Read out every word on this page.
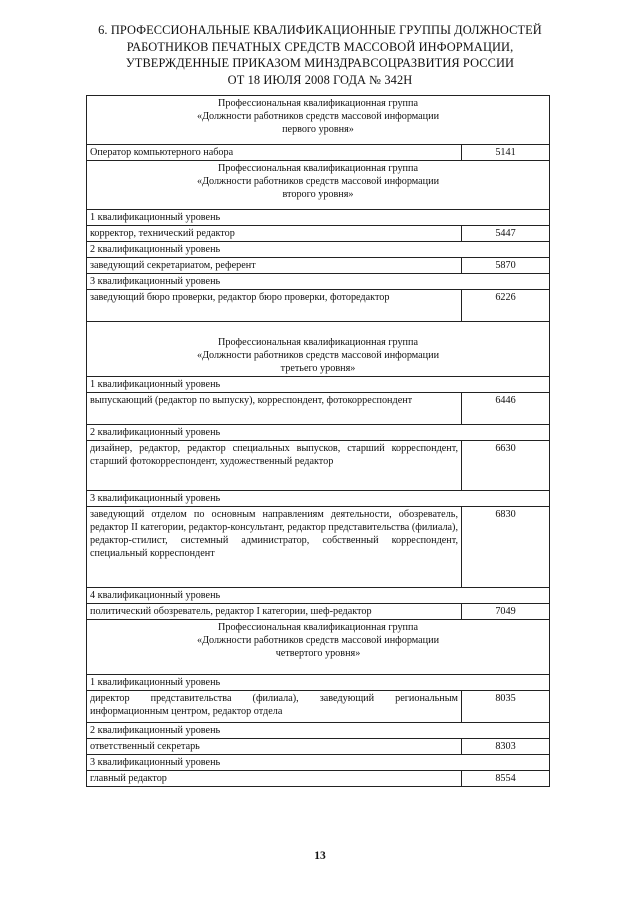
6. ПРОФЕССИОНАЛЬНЫЕ КВАЛИФИКАЦИОННЫЕ ГРУППЫ ДОЛЖНОСТЕЙ
РАБОТНИКОВ ПЕЧАТНЫХ СРЕДСТВ МАССОВОЙ ИНФОРМАЦИИ,
УТВЕРЖДЕННЫЕ ПРИКАЗОМ МИНЗДРАВСОЦРАЗВИТИЯ РОССИИ
ОТ 18 ИЮЛЯ 2008 ГОДА № 342Н
Профессиональная квалификационная группа
«Должности работников средств массовой информации
первого уровня»	

Оператор компьютерного набора	5141

Профессиональная квалификационная группа
«Должности работников средств массовой информации
второго уровня»	

1 квалификационный уровень	
корректор, технический редактор	5447
2 квалификационный уровень	
заведующий секретариатом, референт	5870
3 квалификационный уровень	
заведующий бюро проверки, редактор бюро проверки, фоторедактор	6226

Профессиональная квалификационная группа
«Должности работников средств массовой информации
третьего уровня»	

1 квалификационный уровень	
выпускающий (редактор по выпуску), корреспондент, фотокорреспондент	6446
2 квалификационный уровень	
дизайнер, редактор, редактор специальных выпусков, старший корреспондент, старший фотокорреспондент, художественный редактор	6630
3 квалификационный уровень	
заведующий отделом по основным направлениям деятельности, обозреватель, редактор II категории, редактор-консультант, редактор представительства (филиала), редактор-стилист, системный администратор, собственный корреспондент, специальный корреспондент	6830
4 квалификационный уровень	
политический обозреватель, редактор I категории, шеф-редактор	7049

Профессиональная квалификационная группа
«Должности работников средств массовой информации
четвертого уровня»	

1 квалификационный уровень	
директор представительства (филиала), заведующий региональным информационным центром, редактор отдела	8035
2 квалификационный уровень	
ответственный секретарь	8303
3 квалификационный уровень	
главный редактор	8554
13
